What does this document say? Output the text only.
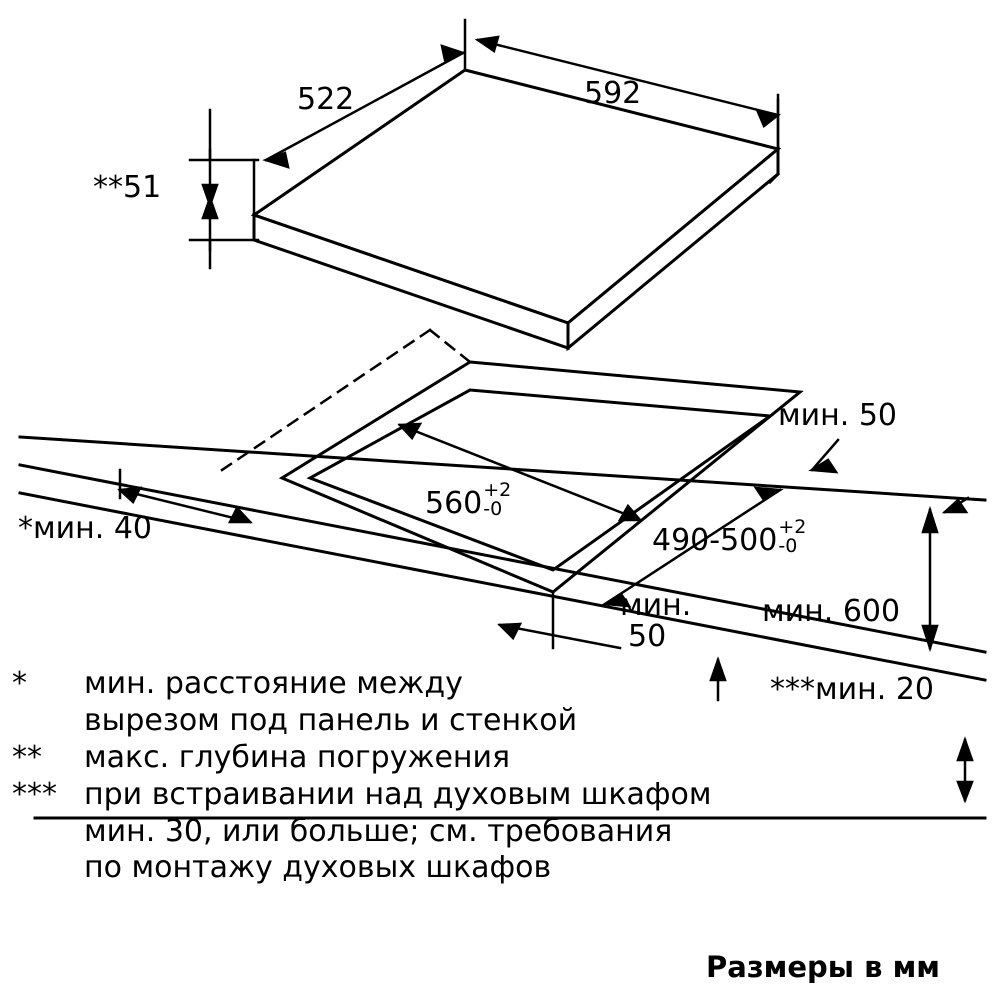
592
522
**51
мин. 50
560 +2
-0
490-500 +2
-0
*мин. 40
мин.
50
мин. 600
***мин. 20
*	мин. расстояние между
вырезом под панель и стенкой
**	макс. глубина погружения
*** при встраивании над духовым шкафом
мин. 30, или больше; см. требования
по монтажу духовых шкафов
Размеры в мм
